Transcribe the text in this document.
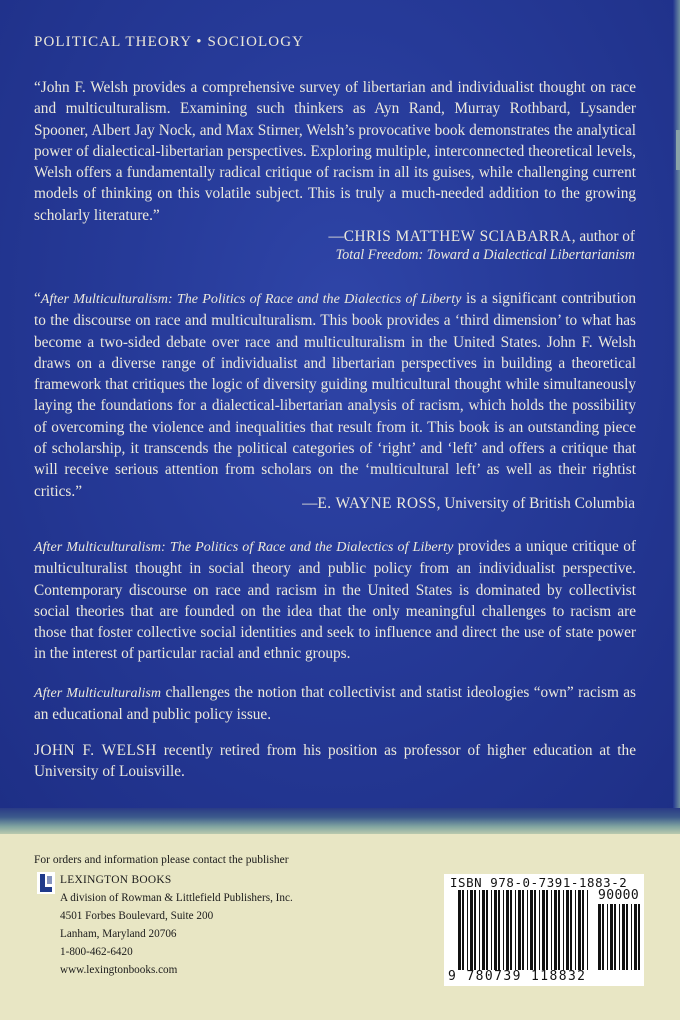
POLITICAL THEORY • SOCIOLOGY
“John F. Welsh provides a comprehensive survey of libertarian and individualist thought on race and multiculturalism. Examining such thinkers as Ayn Rand, Murray Rothbard, Lysander Spooner, Albert Jay Nock, and Max Stirner, Welsh’s provocative book demonstrates the analytical power of dialectical-libertarian perspectives. Exploring multiple, interconnected theoretical levels, Welsh offers a fundamentally radical critique of racism in all its guises, while challenging current models of thinking on this volatile subject. This is truly a much-needed addition to the growing scholarly literature.”
—CHRIS MATTHEW SCIABARRA, author of
Total Freedom: Toward a Dialectical Libertarianism
“After Multiculturalism: The Politics of Race and the Dialectics of Liberty is a significant contribution to the discourse on race and multiculturalism. This book provides a ‘third dimension’ to what has become a two-sided debate over race and multiculturalism in the United States. John F. Welsh draws on a diverse range of individualist and libertarian perspectives in building a theoretical framework that critiques the logic of diversity guiding multicultural thought while simultaneously laying the foundations for a dialectical-libertarian analysis of racism, which holds the possibility of overcoming the violence and inequalities that result from it. This book is an outstanding piece of scholarship, it transcends the political categories of ‘right’ and ‘left’ and offers a critique that will receive serious attention from scholars on the ‘multicultural left’ as well as their rightist critics.”
—E. WAYNE ROSS, University of British Columbia
After Multiculturalism: The Politics of Race and the Dialectics of Liberty provides a unique critique of multiculturalist thought in social theory and public policy from an individualist perspective. Contemporary discourse on race and racism in the United States is dominated by collectivist social theories that are founded on the idea that the only meaningful challenges to racism are those that foster collective social identities and seek to influence and direct the use of state power in the interest of particular racial and ethnic groups.
After Multiculturalism challenges the notion that collectivist and statist ideologies “own” racism as an educational and public policy issue.
JOHN F. WELSH recently retired from his position as professor of higher education at the University of Louisville.
For orders and information please contact the publisher
LEXINGTON BOOKS
A division of Rowman & Littlefield Publishers, Inc.
4501 Forbes Boulevard, Suite 200
Lanham, Maryland 20706
1-800-462-6420
www.lexingtonbooks.com
ISBN 978-0-7391-1883-2
90000
9 780739 118832
